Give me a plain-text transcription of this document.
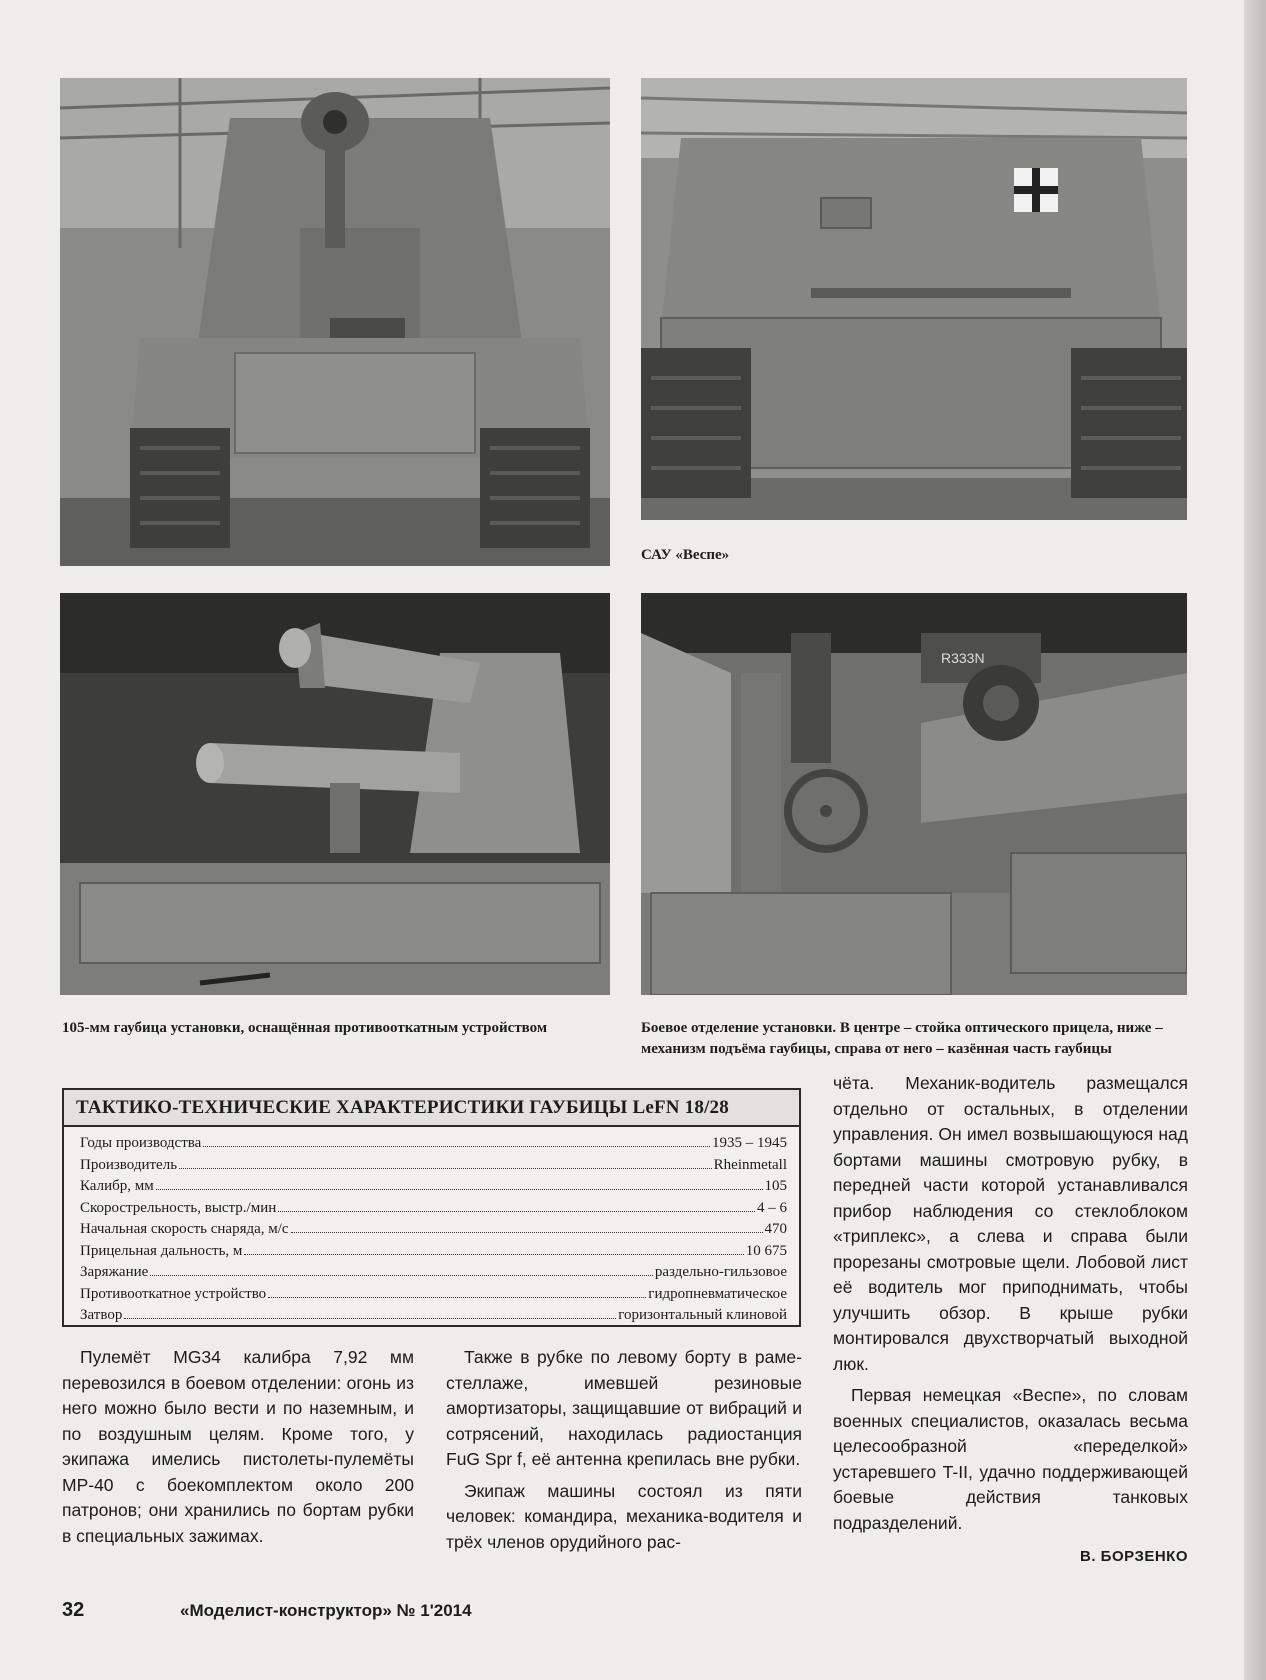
САУ «Веспе»
105-мм гаубица установки, оснащённая противооткатным устройством
R333N
Боевое отделение установки. В центре – стойка оптического прицела, ниже – механизм подъёма гаубицы, справа от него – казённая часть гаубицы
ТАКТИКО-ТЕХНИЧЕСКИЕ ХАРАКТЕРИСТИКИ ГАУБИЦЫ LeFN 18/28
Годы производства	1935 – 1945
Производитель	Rheinmetall
Калибр, мм	105
Скорострельность, выстр./мин	4 – 6
Начальная скорость снаряда, м/с	470
Прицельная дальность, м	10 675
Заряжание	раздельно-гильзовое
Противооткатное устройство	гидропневматическое
Затвор	горизонтальный клиновой

Пулемёт MG34 калибра 7,92 мм перевозился в боевом отделении: огонь из него можно было вести и по наземным, и по воздушным целям. Кроме того, у экипажа имелись пистолеты-пулемёты MP-40 с боекомплектом около 200 патронов; они хранились по бортам рубки в специальных зажимах.

Также в рубке по левому борту в раме-стеллаже, имевшей резиновые амортизаторы, защищавшие от вибраций и сотрясений, находилась радиостанция FuG Spr f, её антенна крепилась вне рубки.

Экипаж машины состоял из пяти человек: командира, механика-водителя и трёх членов орудийного рас-

чёта. Механик-водитель размещался отдельно от остальных, в отделении управления. Он имел возвышающуюся над бортами машины смотровую рубку, в передней части которой устанавливался прибор наблюдения со стеклоблоком «триплекс», а слева и справа были прорезаны смотровые щели. Лобовой лист её водитель мог приподнимать, чтобы улучшить обзор. В крыше рубки монтировался двухстворчатый выходной люк.

Первая немецкая «Веспе», по словам военных специалистов, оказалась весьма целесообразной «переделкой» устаревшего T-II, удачно поддерживающей боевые действия танковых подразделений.

В. БОРЗЕНКО
32	«Моделист-конструктор» № 1'2014
